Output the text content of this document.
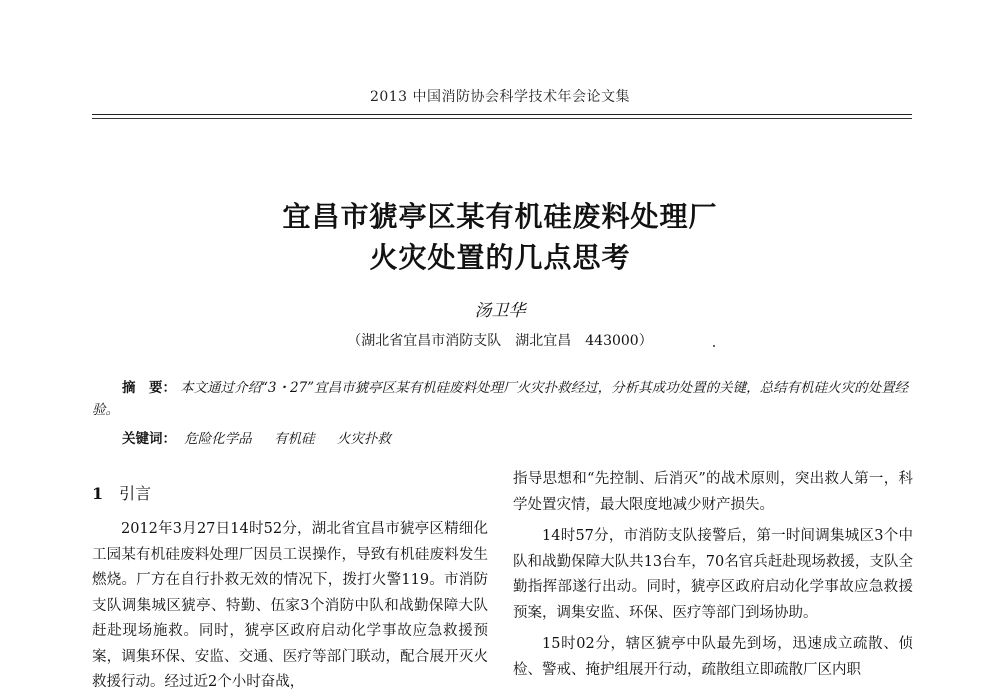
2013 中国消防协会科学技术年会论文集
宜昌市猇亭区某有机硅废料处理厂
火灾处置的几点思考
汤卫华
（湖北省宜昌市消防支队　湖北宜昌　443000）
摘　要： 本文通过介绍“3・27”宜昌市猇亭区某有机硅废料处理厂火灾扑救经过，分析其成功处置的关键，总结有机硅火灾的处置经验。
关键词： 危险化学品 有机硅 火灾扑救
1 引言

2012年3月27日14时52分，湖北省宜昌市猇亭区精细化工园某有机硅废料处理厂因员工误操作，导致有机硅废料发生燃烧。厂方在自行扑救无效的情况下，拨打火警119。市消防支队调集城区猇亭、特勤、伍家3个消防中队和战勤保障大队赶赴现场施救。同时，猇亭区政府启动化学事故应急救援预案，调集环保、安监、交通、医疗等部门联动，配合展开灭火救援行动。经过近2个小时奋战，

指导思想和“先控制、后消灭”的战术原则，突出救人第一，科学处置灾情，最大限度地减少财产损失。

14时57分，市消防支队接警后，第一时间调集城区3个中队和战勤保障大队共13台车，70名官兵赶赴现场救援，支队全勤指挥部遂行出动。同时，猇亭区政府启动化学事故应急救援预案，调集安监、环保、医疗等部门到场协助。

15时02分，辖区猇亭中队最先到场，迅速成立疏散、侦检、警戒、掩护组展开行动，疏散组立即疏散厂区内职
